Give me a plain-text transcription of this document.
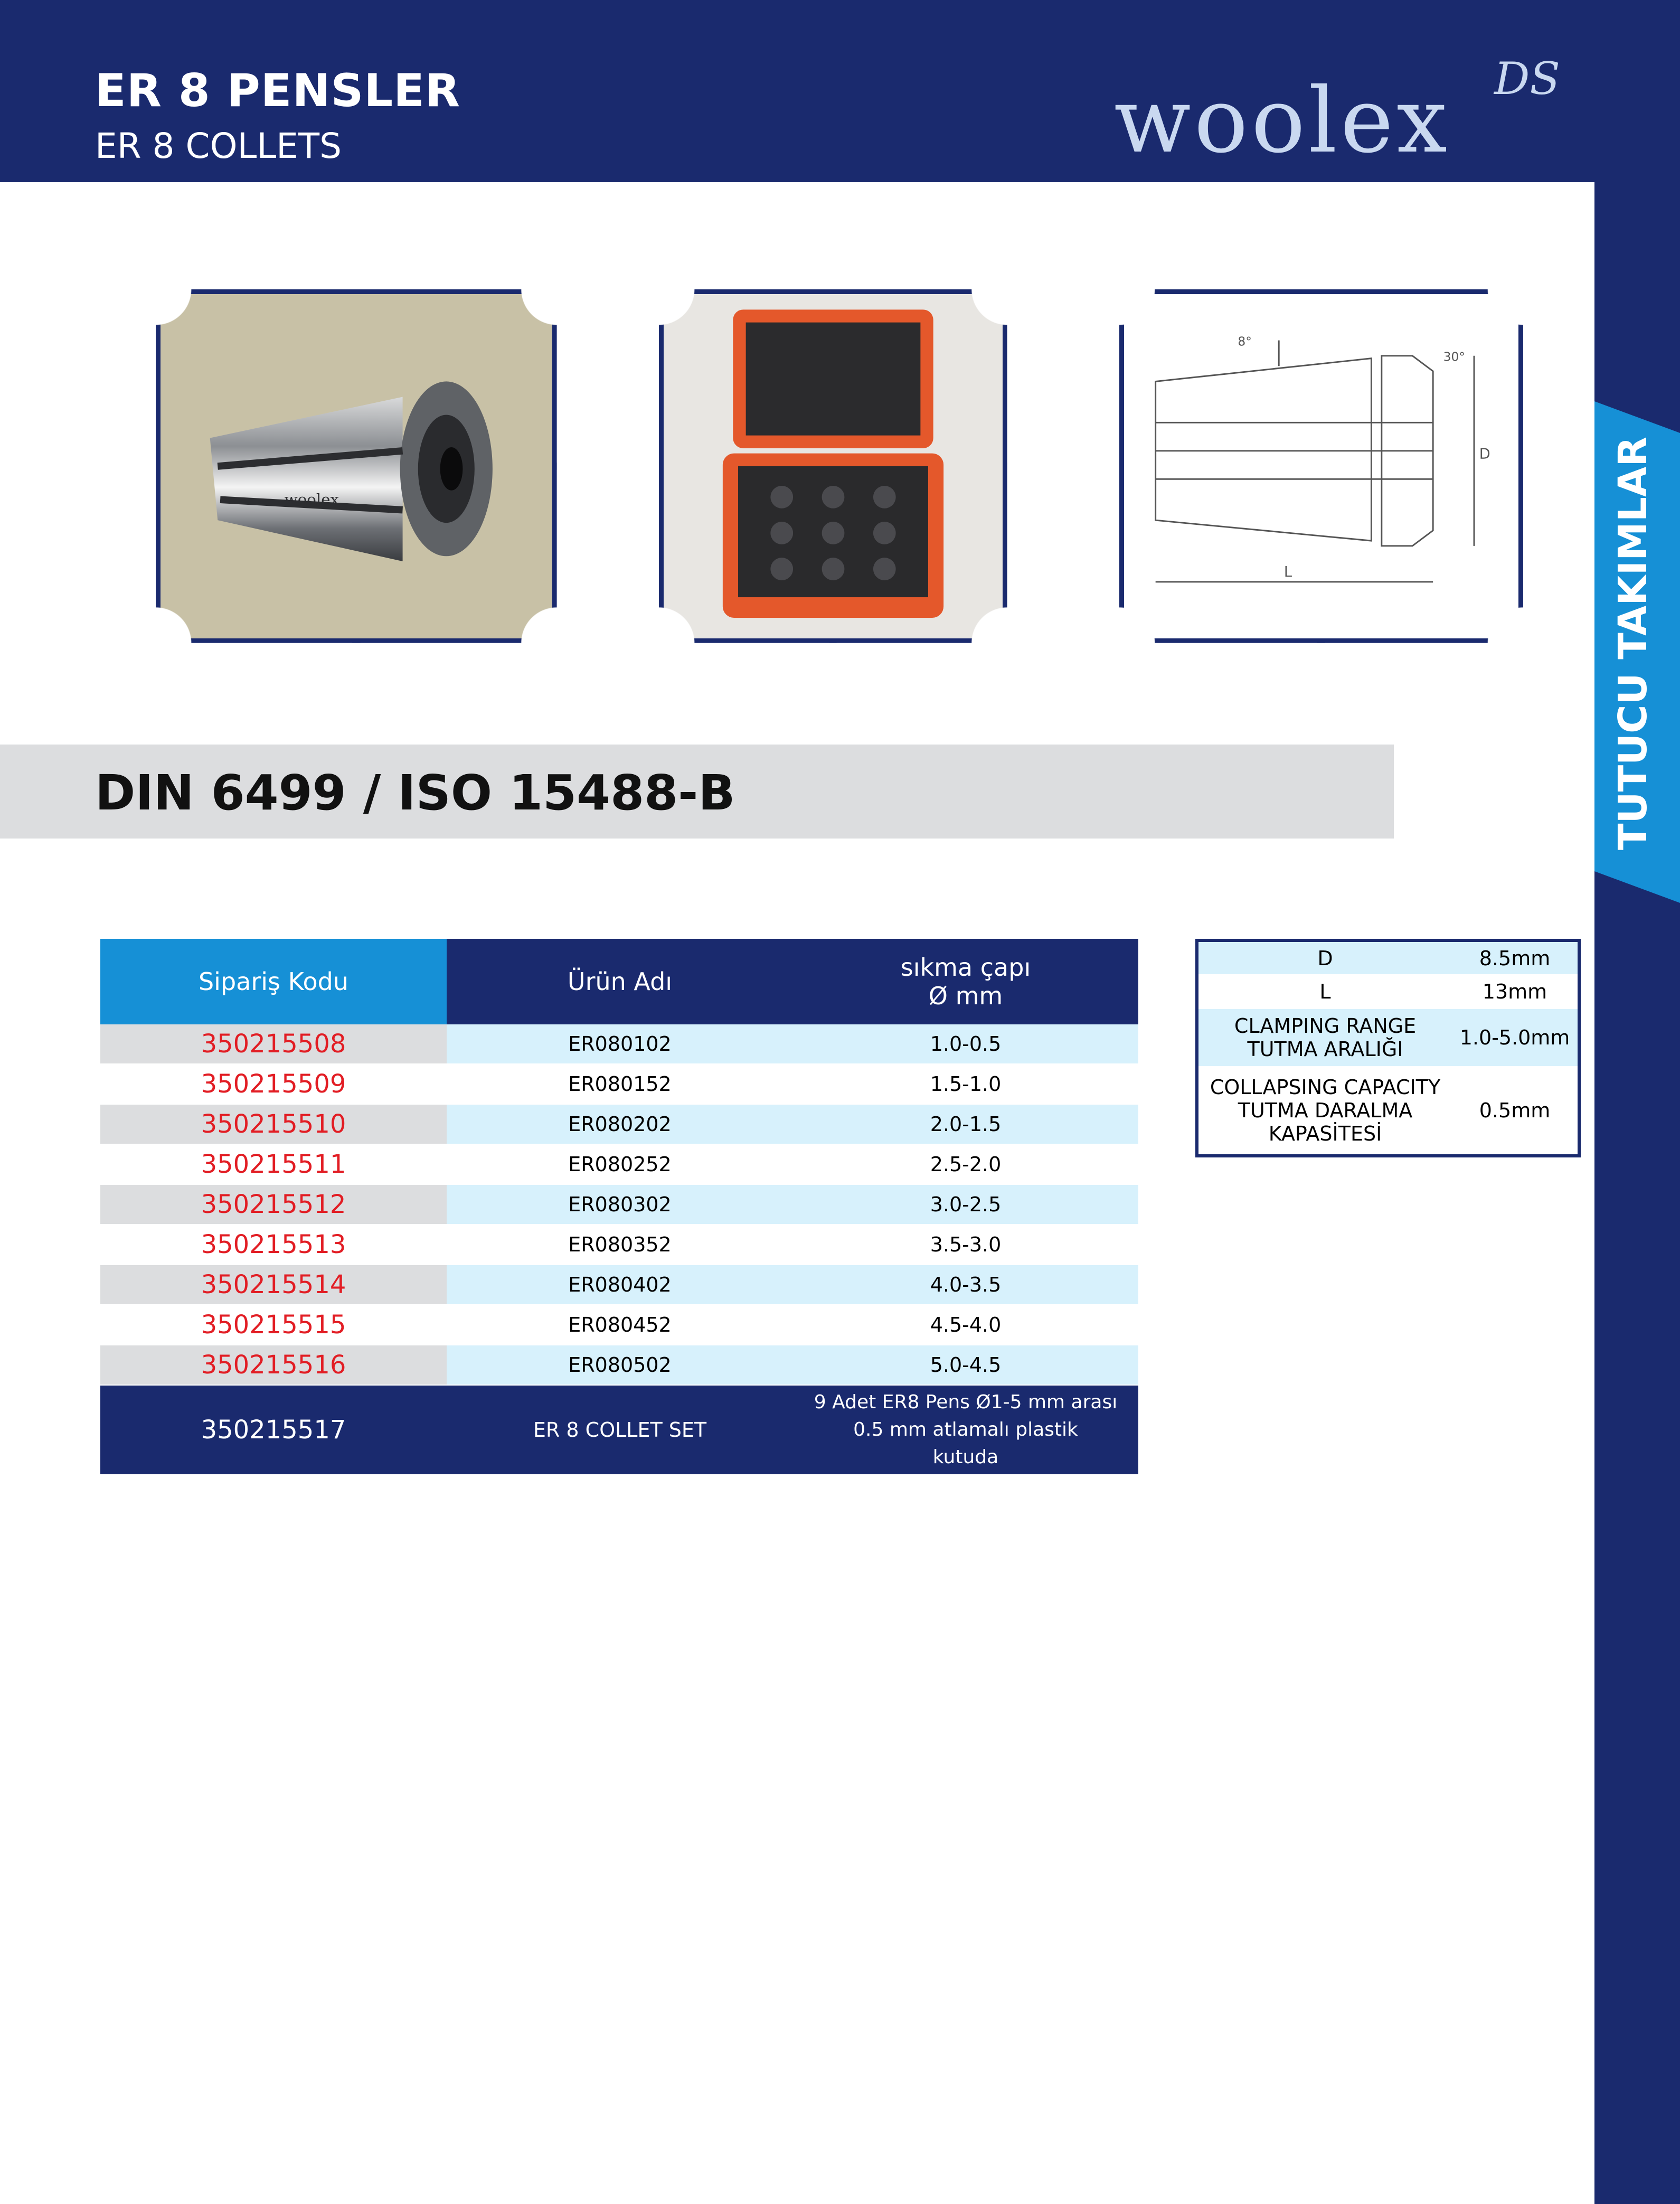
ER 8 PENSLER
ER 8 COLLETS	woolex DS
TUTUCU TAKIMLAR
woolex
D
L
8°
30°
DIN 6499 / ISO 15488-B
Sipariş Kodu	Ürün Adı	sıkma çapı
Ø mm

350215508	ER080102	1.0-0.5
350215509	ER080152	1.5-1.0
350215510	ER080202	2.0-1.5
350215511	ER080252	2.5-2.0
350215512	ER080302	3.0-2.5
350215513	ER080352	3.5-3.0
350215514	ER080402	4.0-3.5
350215515	ER080452	4.5-4.0
350215516	ER080502	5.0-4.5
350215517	ER 8 COLLET SET	9 Adet ER8 Pens Ø1-5 mm arası
0.5 mm atlamalı plastik
kutuda
D	8.5mm
L	13mm

CLAMPING RANGE
TUTMA ARALIĞI	1.0-5.0mm

COLLAPSING CAPACITY
TUTMA DARALMA
KAPASİTESİ	0.5mm
